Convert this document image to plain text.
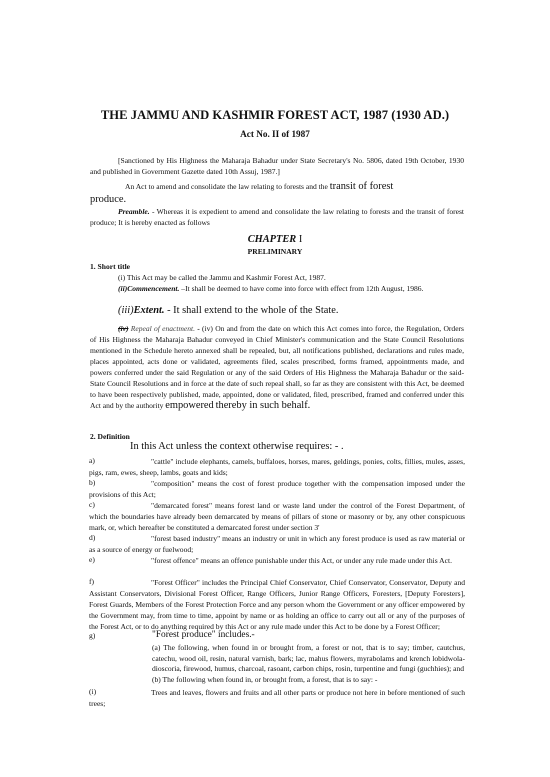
THE JAMMU AND KASHMIR FOREST ACT, 1987 (1930 AD.)
Act No. II of 1987
[Sanctioned by His Highness the Maharaja Bahadur under State Secretary's No. 5806, dated 19th October, 1930 and published in Government Gazette dated 10th Assuj, 1987.]
An Act to amend and consolidate the law relating to forests and the transit of forest
produce.
Preamble. - Whereas it is expedient to amend and consolidate the law relating to forests and the transit of forest produce; It is hereby enacted as follows
CHAPTER I
PRELIMINARY
1. Short title
(i) This Act may be called the Jammu and Kashmir Forest Act, 1987.
(ii)Commencement. –It shall be deemed to have come into force with effect from 12th August, 1986.
(iii)Extent. - It shall extend to the whole of the State.
(iv) Repeal of enactment. - (iv) On and from the date on which this Act comes into force, the Regulation, Orders of His Highness the Maharaja Bahadur conveyed in Chief Minister's communication and the State Council Resolutions mentioned in the Schedule hereto annexed shall be repealed, but, all notifications published, declarations and rules made, places appointed, acts done or validated, agreements filed, scales prescribed, forms framed, appointments made, and powers conferred under the said Regulation or any of the said Orders of His Highness the Maharaja Bahadur or the said-State Council Resolutions and in force at the date of such repeal shall, so far as they are consistent with this Act, be deemed to have been respectively published, made, appointed, done or validated, filed, prescribed, framed and conferred under this Act and by the authority empowered thereby in such behalf.
2. Definition
In this Act unless the context otherwise requires: - .
a)	"cattle" include elephants, camels, buffaloes, horses, mares, geldings, ponies, colts, fillies, mules, asses, pigs, ram, ewes, sheep, lambs, goats and kids;
b)	"composition" means the cost of forest produce together with the compensation imposed under the provisions of this Act;
c)	"demarcated forest" means forest land or waste land under the control of the Forest Department, of which the boundaries have already been demarcated by means of pillars of stone or masonry or by, any other conspicuous mark, or, which hereafter be constituted a demarcated forest under section 3'
d)	"forest based industry" means an industry or unit in which any forest produce is used as raw material or as a source of energy or fuelwood;
e)	"forest offence" means an offence punishable under this Act, or under any rule made under this Act.
f)	"Forest Officer" includes the Principal Chief Conservator, Chief Conservator, Conservator, Deputy and Assistant Conservators, Divisional Forest Officer, Range Officers, Junior Range Officers, Foresters, [Deputy Foresters], Forest Guards, Members of the Forest Protection Force and any person whom the Government or any officer empowered by the Government may, from time to time, appoint by name or as holding an office to carry out all or any of the purposes of the Forest Act, or to do anything required by this Act or any rule made under this Act to be done by a Forest Officer;
g)	"Forest produce" includes.-
(a) The following, when found in or brought from, a forest or not, that is to say; timber, cautchus, catechu, wood oil, resin, natural varnish, bark; lac, mahus flowers, myrabolams and krench lobidwola-dioscoria, firewood, humus, charcoal, rasoant, carbon chips, rosin, turpentine and fungi (guchhies); and
(b) The following when found in, or brought from, a forest, that is to say: -
(i)	Trees and leaves, flowers and fruits and all other parts or produce not here in before mentioned of such trees;
